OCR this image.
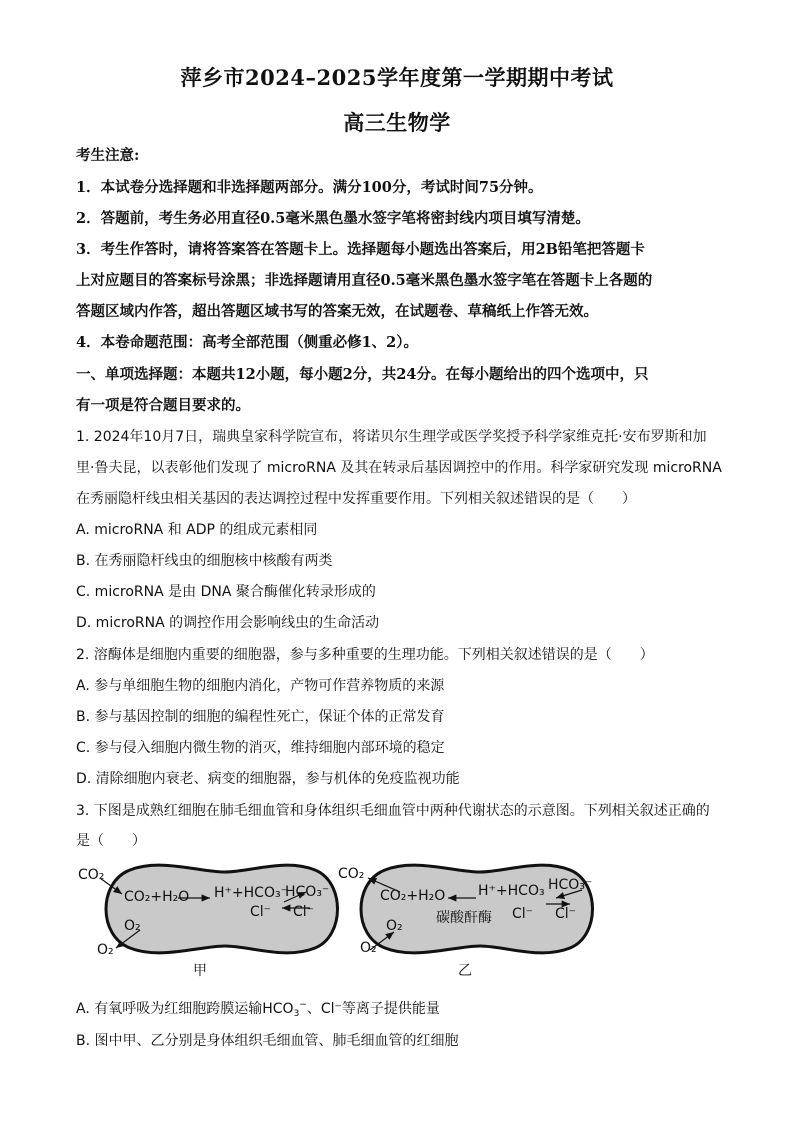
萍乡市2024–2025学年度第一学期期中考试
高三生物学
考生注意:
1．本试卷分选择题和非选择题两部分。满分100分，考试时间75分钟。
2．答题前，考生务必用直径0.5毫米黑色墨水签字笔将密封线内项目填写清楚。
3．考生作答时，请将答案答在答题卡上。选择题每小题选出答案后，用2B铅笔把答题卡
上对应题目的答案标号涂黑；非选择题请用直径0.5毫米黑色墨水签字笔在答题卡上各题的
答题区域内作答，超出答题区域书写的答案无效，在试题卷、草稿纸上作答无效。
4．本卷命题范围：高考全部范围（侧重必修1、2）。
一、单项选择题：本题共12小题，每小题2分，共24分。在每小题给出的四个选项中，只
有一项是符合题目要求的。
1. 2024年10月7日，瑞典皇家科学院宣布，将诺贝尔生理学或医学奖授予科学家维克托·安布罗斯和加
里·鲁夫昆，以表彰他们发现了 microRNA 及其在转录后基因调控中的作用。科学家研究发现 microRNA
在秀丽隐杆线虫相关基因的表达调控过程中发挥重要作用。下列相关叙述错误的是（　　）
A. microRNA 和 ADP 的组成元素相同
B. 在秀丽隐杆线虫的细胞核中核酸有两类
C. microRNA 是由 DNA 聚合酶催化转录形成的
D. microRNA 的调控作用会影响线虫的生命活动
2. 溶酶体是细胞内重要的细胞器，参与多种重要的生理功能。下列相关叙述错误的是（　　）
A. 参与单细胞生物的细胞内消化，产物可作营养物质的来源
B. 参与基因控制的细胞的编程性死亡，保证个体的正常发育
C. 参与侵入细胞内微生物的消灭，维持细胞内部环境的稳定
D. 清除细胞内衰老、病变的细胞器，参与机体的免疫监视功能
3. 下图是成熟红细胞在肺毛细血管和身体组织毛细血管中两种代谢状态的示意图。下列相关叙述正确的
是（　　）
CO₂
CO₂+H₂O H⁺+HCO₃⁻
HCO₃⁻
Cl⁻ Cl⁻
O₂
O₂
甲
CO₂
CO₂+H₂O H⁺+HCO₃ HCO₃⁻
碳酸酐酶 Cl⁻ Cl⁻
O₂
O₂
乙
A. 有氧呼吸为红细胞跨膜运输$HCO_3^-$、Cl⁻等离子提供能量
B. 图中甲、乙分别是身体组织毛细血管、肺毛细血管的红细胞
